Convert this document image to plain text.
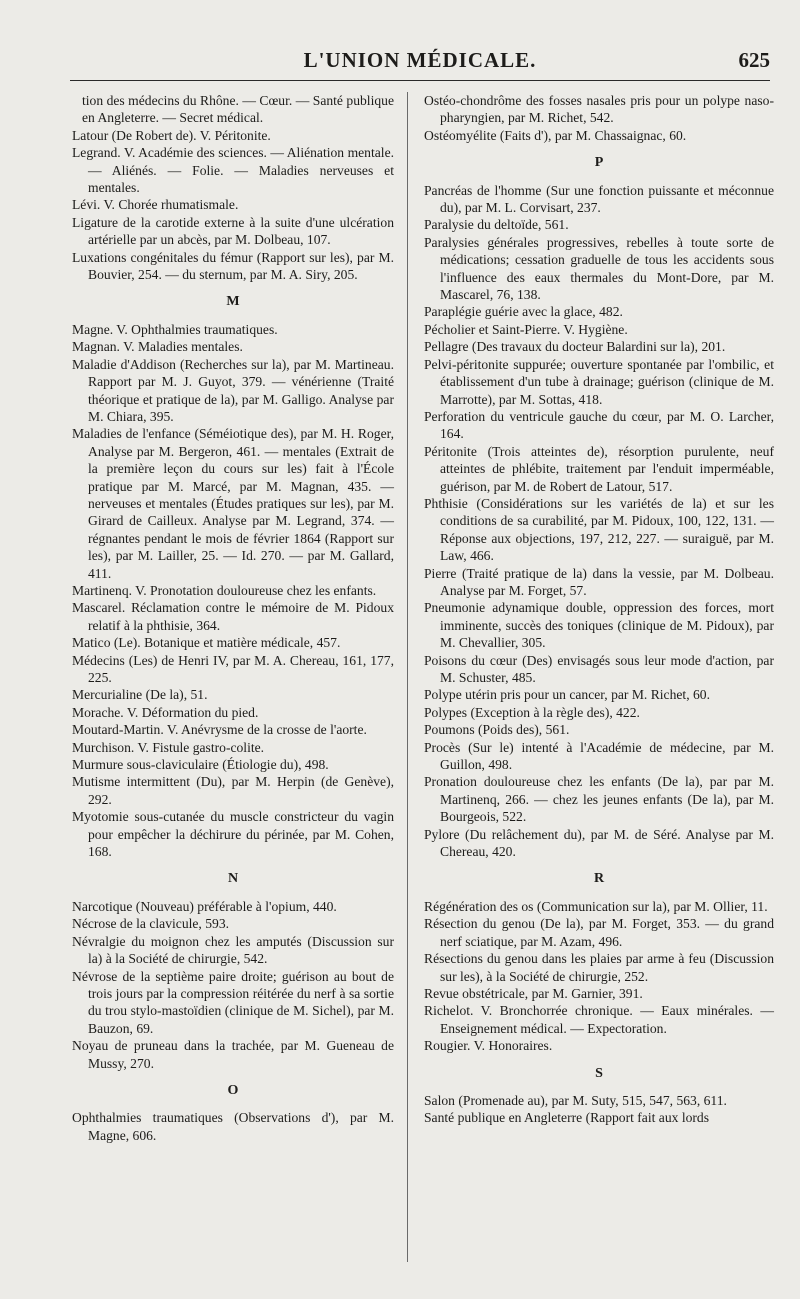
L'UNION MÉDICALE.	625
tion des médecins du Rhône. — Cœur. — Santé publique en Angleterre. — Secret médical.
Latour (De Robert de). V. Péritonite.
Legrand. V. Académie des sciences. — Aliénation mentale. — Aliénés. — Folie. — Maladies nerveuses et mentales.
Lévi. V. Chorée rhumatismale.
Ligature de la carotide externe à la suite d'une ulcération artérielle par un abcès, par M. Dolbeau, 107.
Luxations congénitales du fémur (Rapport sur les), par M. Bouvier, 254. — du sternum, par M. A. Siry, 205.
M
Magne. V. Ophthalmies traumatiques.
Magnan. V. Maladies mentales.
Maladie d'Addison (Recherches sur la), par M. Martineau. Rapport par M. J. Guyot, 379. — vénérienne (Traité théorique et pratique de la), par M. Galligo. Analyse par M. Chiara, 395.
Maladies de l'enfance (Séméiotique des), par M. H. Roger, Analyse par M. Bergeron, 461. — mentales (Extrait de la première leçon du cours sur les) fait à l'École pratique par M. Marcé, par M. Magnan, 435. — nerveuses et mentales (Études pratiques sur les), par M. Girard de Cailleux. Analyse par M. Legrand, 374. — régnantes pendant le mois de février 1864 (Rapport sur les), par M. Lailler, 25. — Id. 270. — par M. Gallard, 411.
Martinenq. V. Pronotation douloureuse chez les enfants.
Mascarel. Réclamation contre le mémoire de M. Pidoux relatif à la phthisie, 364.
Matico (Le). Botanique et matière médicale, 457.
Médecins (Les) de Henri IV, par M. A. Chereau, 161, 177, 225.
Mercurialine (De la), 51.
Morache. V. Déformation du pied.
Moutard-Martin. V. Anévrysme de la crosse de l'aorte.
Murchison. V. Fistule gastro-colite.
Murmure sous-claviculaire (Étiologie du), 498.
Mutisme intermittent (Du), par M. Herpin (de Genève), 292.
Myotomie sous-cutanée du muscle constricteur du vagin pour empêcher la déchirure du périnée, par M. Cohen, 168.
N
Narcotique (Nouveau) préférable à l'opium, 440.
Nécrose de la clavicule, 593.
Névralgie du moignon chez les amputés (Discussion sur la) à la Société de chirurgie, 542.
Névrose de la septième paire droite; guérison au bout de trois jours par la compression réitérée du nerf à sa sortie du trou stylo-mastoïdien (clinique de M. Sichel), par M. Bauzon, 69.
Noyau de pruneau dans la trachée, par M. Gueneau de Mussy, 270.
O
Ophthalmies traumatiques (Observations d'), par M. Magne, 606.
Ostéo-chondrôme des fosses nasales pris pour un polype naso-pharyngien, par M. Richet, 542.
Ostéomyélite (Faits d'), par M. Chassaignac, 60.
P
Pancréas de l'homme (Sur une fonction puissante et méconnue du), par M. L. Corvisart, 237.
Paralysie du deltoïde, 561.
Paralysies générales progressives, rebelles à toute sorte de médications; cessation graduelle de tous les accidents sous l'influence des eaux thermales du Mont-Dore, par M. Mascarel, 76, 138.
Paraplégie guérie avec la glace, 482.
Pécholier et Saint-Pierre. V. Hygiène.
Pellagre (Des travaux du docteur Balardini sur la), 201.
Pelvi-péritonite suppurée; ouverture spontanée par l'ombilic, et établissement d'un tube à drainage; guérison (clinique de M. Marrotte), par M. Sottas, 418.
Perforation du ventricule gauche du cœur, par M. O. Larcher, 164.
Péritonite (Trois atteintes de), résorption purulente, neuf atteintes de phlébite, traitement par l'enduit imperméable, guérison, par M. de Robert de Latour, 517.
Phthisie (Considérations sur les variétés de la) et sur les conditions de sa curabilité, par M. Pidoux, 100, 122, 131. — Réponse aux objections, 197, 212, 227. — suraiguë, par M. Law, 466.
Pierre (Traité pratique de la) dans la vessie, par M. Dolbeau. Analyse par M. Forget, 57.
Pneumonie adynamique double, oppression des forces, mort imminente, succès des toniques (clinique de M. Pidoux), par M. Chevallier, 305.
Poisons du cœur (Des) envisagés sous leur mode d'action, par M. Schuster, 485.
Polype utérin pris pour un cancer, par M. Richet, 60.
Polypes (Exception à la règle des), 422.
Poumons (Poids des), 561.
Procès (Sur le) intenté à l'Académie de médecine, par M. Guillon, 498.
Pronation douloureuse chez les enfants (De la), par par M. Martinenq, 266. — chez les jeunes enfants (De la), par M. Bourgeois, 522.
Pylore (Du relâchement du), par M. de Séré. Analyse par M. Chereau, 420.
R
Régénération des os (Communication sur la), par M. Ollier, 11.
Résection du genou (De la), par M. Forget, 353. — du grand nerf sciatique, par M. Azam, 496.
Résections du genou dans les plaies par arme à feu (Discussion sur les), à la Société de chirurgie, 252.
Revue obstétricale, par M. Garnier, 391.
Richelot. V. Bronchorrée chronique. — Eaux minérales. — Enseignement médical. — Expectoration.
Rougier. V. Honoraires.
S
Salon (Promenade au), par M. Suty, 515, 547, 563, 611.
Santé publique en Angleterre (Rapport fait aux lords
